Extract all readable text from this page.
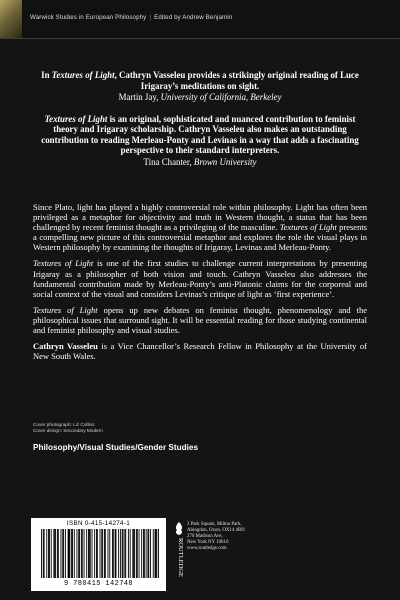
Warwick Studies in European Philosophy | Edited by Andrew Benjamin

In Textures of Light, Cathryn Vasseleu provides a strikingly original reading of Luce Irigaray’s meditations on sight.

Martin Jay, University of California, Berkeley

Textures of Light is an original, sophisticated and nuanced contribution to feminist theory and Irigaray scholarship. Cathryn Vasseleu also makes an outstanding contribution to reading Merleau-Ponty and Levinas in a way that adds a fascinating perspective to their standard interpreters.

Tina Chanter, Brown University

Since Plato, light has played a highly controversial role within philosophy. Light has often been privileged as a metaphor for objectivity and truth in Western thought, a status that has been challenged by recent feminist thought as a privileging of the masculine. Textures of Light presents a compelling new picture of this controversial metaphor and explores the role the visual plays in Western philosophy by examining the thoughts of Irigaray, Levinas and Merleau-Ponty.

Textures of Light is one of the first studies to challenge current interpretations by presenting Irigaray as a philosopher of both vision and touch. Cathryn Vasseleu also addresses the fundamental contribution made by Merleau-Ponty’s anti-Platonic claims for the corporeal and social context of the visual and considers Levinas’s critique of light as ‘first experience’.

Textures of Light opens up new debates on feminist thought, phenomenology and the philosophical issues that surround sight. It will be essential reading for those studying continental and feminist philosophy and visual studies.

Cathryn Vasseleu is a Vice Chancellor’s Research Fellow in Philosophy at the University of New South Wales.

Cover photograph: Liz Collins
Cover design: Secondary Modern
Philosophy/Visual Studies/Gender Studies
ISBN 0-415-14274-1
9 780415 142748
ROUTLEDGE
2 Park Square, Milton Park,
Abingdon, Oxon, OX14 4RN
270 Madison Ave,
New York NY 10016
www.routledge.com
